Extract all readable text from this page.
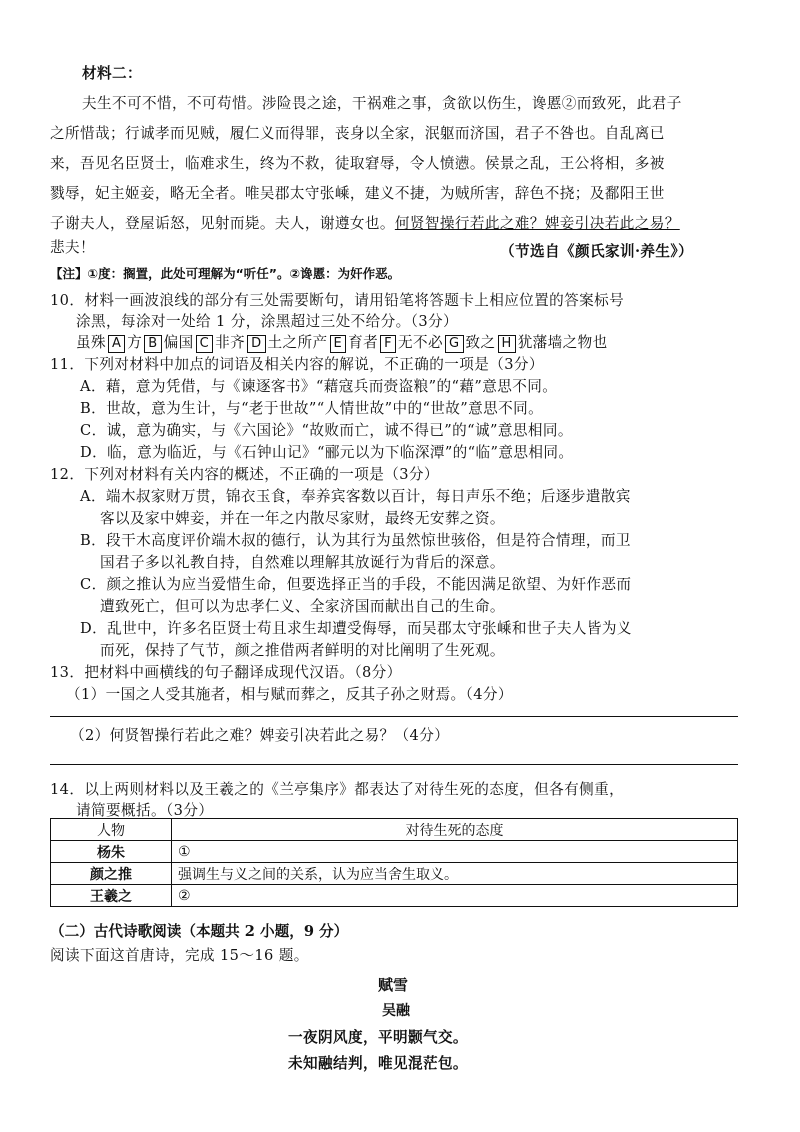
材料二：
夫生不可不惜，不可苟惜。涉险畏之途，干祸难之事，贪欲以伤生，谗慝②而致死，此君子
之所惜哉；行诚孝而见贼，履仁义而得罪，丧身以全家，泯躯而济国，君子不咎也。自乱离已
来，吾见名臣贤士，临难求生，终为不救，徒取窘辱，令人愤懑。侯景之乱，王公将相，多被
戮辱，妃主姬妾，略无全者。唯吴郡太守张嵊，建义不捷，为贼所害，辞色不挠；及鄱阳王世
子谢夫人，登屋诟怒，见射而毙。夫人，谢遵女也。何贤智操行若此之难？婢妾引决若此之易？
悲夫！	（节选自《颜氏家训·养生》）
【注】①度：搁置，此处可理解为“听任”。②谗慝：为奸作恶。
10．材料一画波浪线的部分有三处需要断句，请用铅笔将答题卡上相应位置的答案标号
涂黑，每涂对一处给 1 分，涂黑超过三处不给分。（3分）
虽殊 A 方 B 偏国 C 非齐 D 土之所产 E 育者 F 无不必 G 致之 H 犹藩墙之物也
11．下列对材料中加点的词语及相关内容的解说，不正确的一项是（3分）
A．藉，意为凭借，与《谏逐客书》“藉寇兵而赍盗粮”的“藉”意思不同。
B．世故，意为生计，与“老于世故”“人情世故”中的“世故”意思不同。
C．诚，意为确实，与《六国论》“故败而亡，诚不得已”的“诚”意思相同。
D．临，意为临近，与《石钟山记》“郦元以为下临深潭”的“临”意思相同。
12．下列对材料有关内容的概述，不正确的一项是（3分）
A．端木叔家财万贯，锦衣玉食，奉养宾客数以百计，每日声乐不绝；后逐步遣散宾
客以及家中婢妾，并在一年之内散尽家财，最终无安葬之资。
B．段干木高度评价端木叔的德行，认为其行为虽然惊世骇俗，但是符合情理，而卫
国君子多以礼教自持，自然难以理解其放诞行为背后的深意。
C．颜之推认为应当爱惜生命，但要选择正当的手段，不能因满足欲望、为奸作恶而
遭致死亡，但可以为忠孝仁义、全家济国而献出自己的生命。
D．乱世中，许多名臣贤士苟且求生却遭受侮辱，而吴郡太守张嵊和世子夫人皆为义
而死，保持了气节，颜之推借两者鲜明的对比阐明了生死观。
13．把材料中画横线的句子翻译成现代汉语。（8分）
（1）一国之人受其施者，相与赋而葬之，反其子孙之财焉。（4分）
（2）何贤智操行若此之难？婢妾引决若此之易？（4分）
14．以上两则材料以及王羲之的《兰亭集序》都表达了对待生死的态度，但各有侧重，
请简要概括。（3分）
人物	对待生死的态度
杨朱	①
颜之推	强调生与义之间的关系，认为应当舍生取义。
王羲之	②
（二）古代诗歌阅读（本题共 2 小题，9 分）
阅读下面这首唐诗，完成 15～16 题。
赋雪
吴融
一夜阴风度，平明颢气交。
未知融结判，唯见混茫包。
